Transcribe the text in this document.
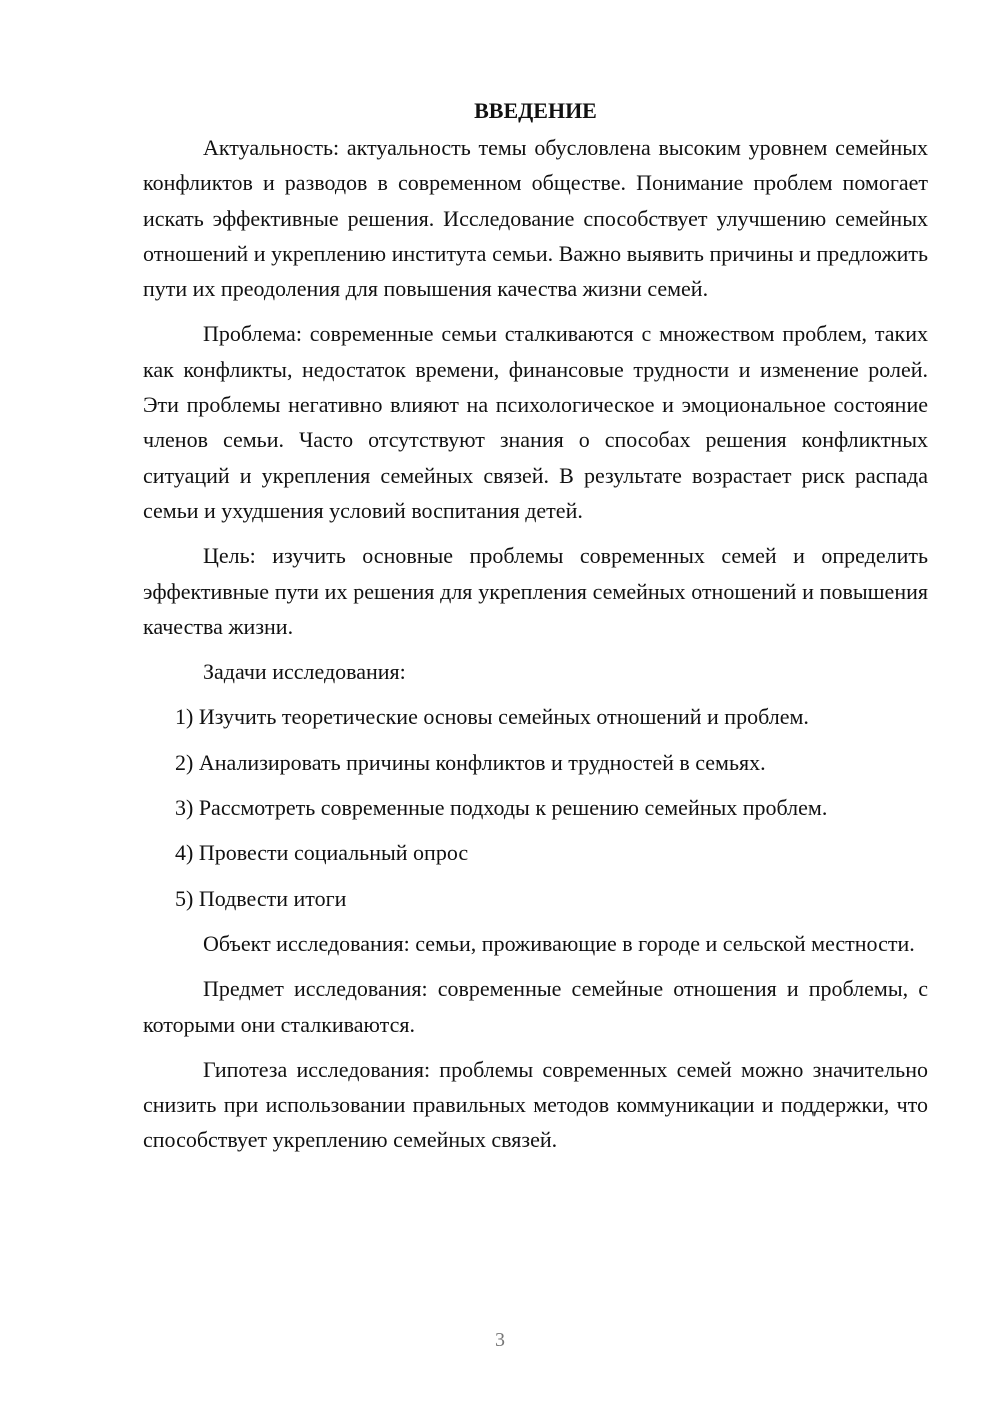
ВВЕДЕНИЕ

Актуальность: актуальность темы обусловлена высоким уровнем семейных конфликтов и разводов в современном обществе. Понимание проблем помогает искать эффективные решения. Исследование способствует улучшению семейных отношений и укреплению института семьи. Важно выявить причины и предложить пути их преодоления для повышения качества жизни семей.

Проблема: современные семьи сталкиваются с множеством проблем, таких как конфликты, недостаток времени, финансовые трудности и изменение ролей. Эти проблемы негативно влияют на психологическое и эмоциональное состояние членов семьи. Часто отсутствуют знания о способах решения конфликтных ситуаций и укрепления семейных связей. В результате возрастает риск распада семьи и ухудшения условий воспитания детей.

Цель: изучить основные проблемы современных семей и определить эффективные пути их решения для укрепления семейных отношений и повышения качества жизни.

Задачи исследования:

1) Изучить теоретические основы семейных отношений и проблем.

2) Анализировать причины конфликтов и трудностей в семьях.

3) Рассмотреть современные подходы к решению семейных проблем.

4) Провести социальный опрос

5) Подвести итоги

Объект исследования: семьи, проживающие в городе и сельской местности.

Предмет исследования: современные семейные отношения и проблемы, с которыми они сталкиваются.

Гипотеза исследования: проблемы современных семей можно значительно снизить при использовании правильных методов коммуникации и поддержки, что способствует укреплению семейных связей.

3
